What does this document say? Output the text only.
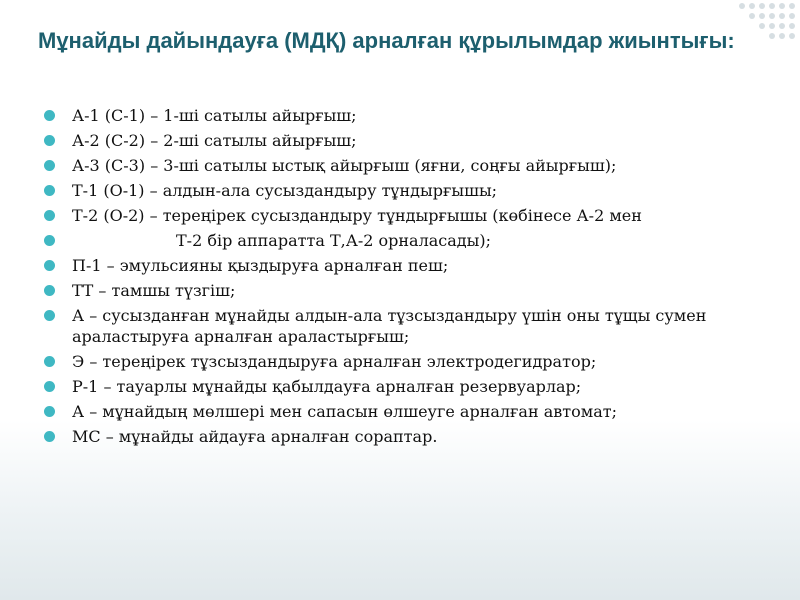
Мұнайды дайындауға (МДҚ) арналған құрылымдар жиынтығы:
А-1 (С-1) – 1-ші сатылы айырғыш;
А-2 (С-2) – 2-ші сатылы айырғыш;
А-3 (С-3) – 3-ші сатылы ыстық айырғыш (яғни, соңғы айырғыш);
Т-1 (О-1) – алдын-ала сусыздандыру тұндырғышы;
Т-2 (О-2) – тереңірек сусыздандыру тұндырғышы (көбінесе А-2 мен
Т-2 бір аппаратта Т,А-2 орналасады);
П-1 – эмульсияны қыздыруға арналған пеш;
ТТ – тамшы түзгіш;
А – сусызданған мұнайды алдын-ала тұзсыздандыру үшін оны тұщы сумен араластыруға арналған араластырғыш;
Э – тереңірек тұзсыздандыруға арналған электродегидратор;
Р-1 – тауарлы мұнайды қабылдауға арналған резервуарлар;
А – мұнайдың мөлшері мен сапасын өлшеуге арналған автомат;
МС – мұнайды айдауға арналған сораптар.
